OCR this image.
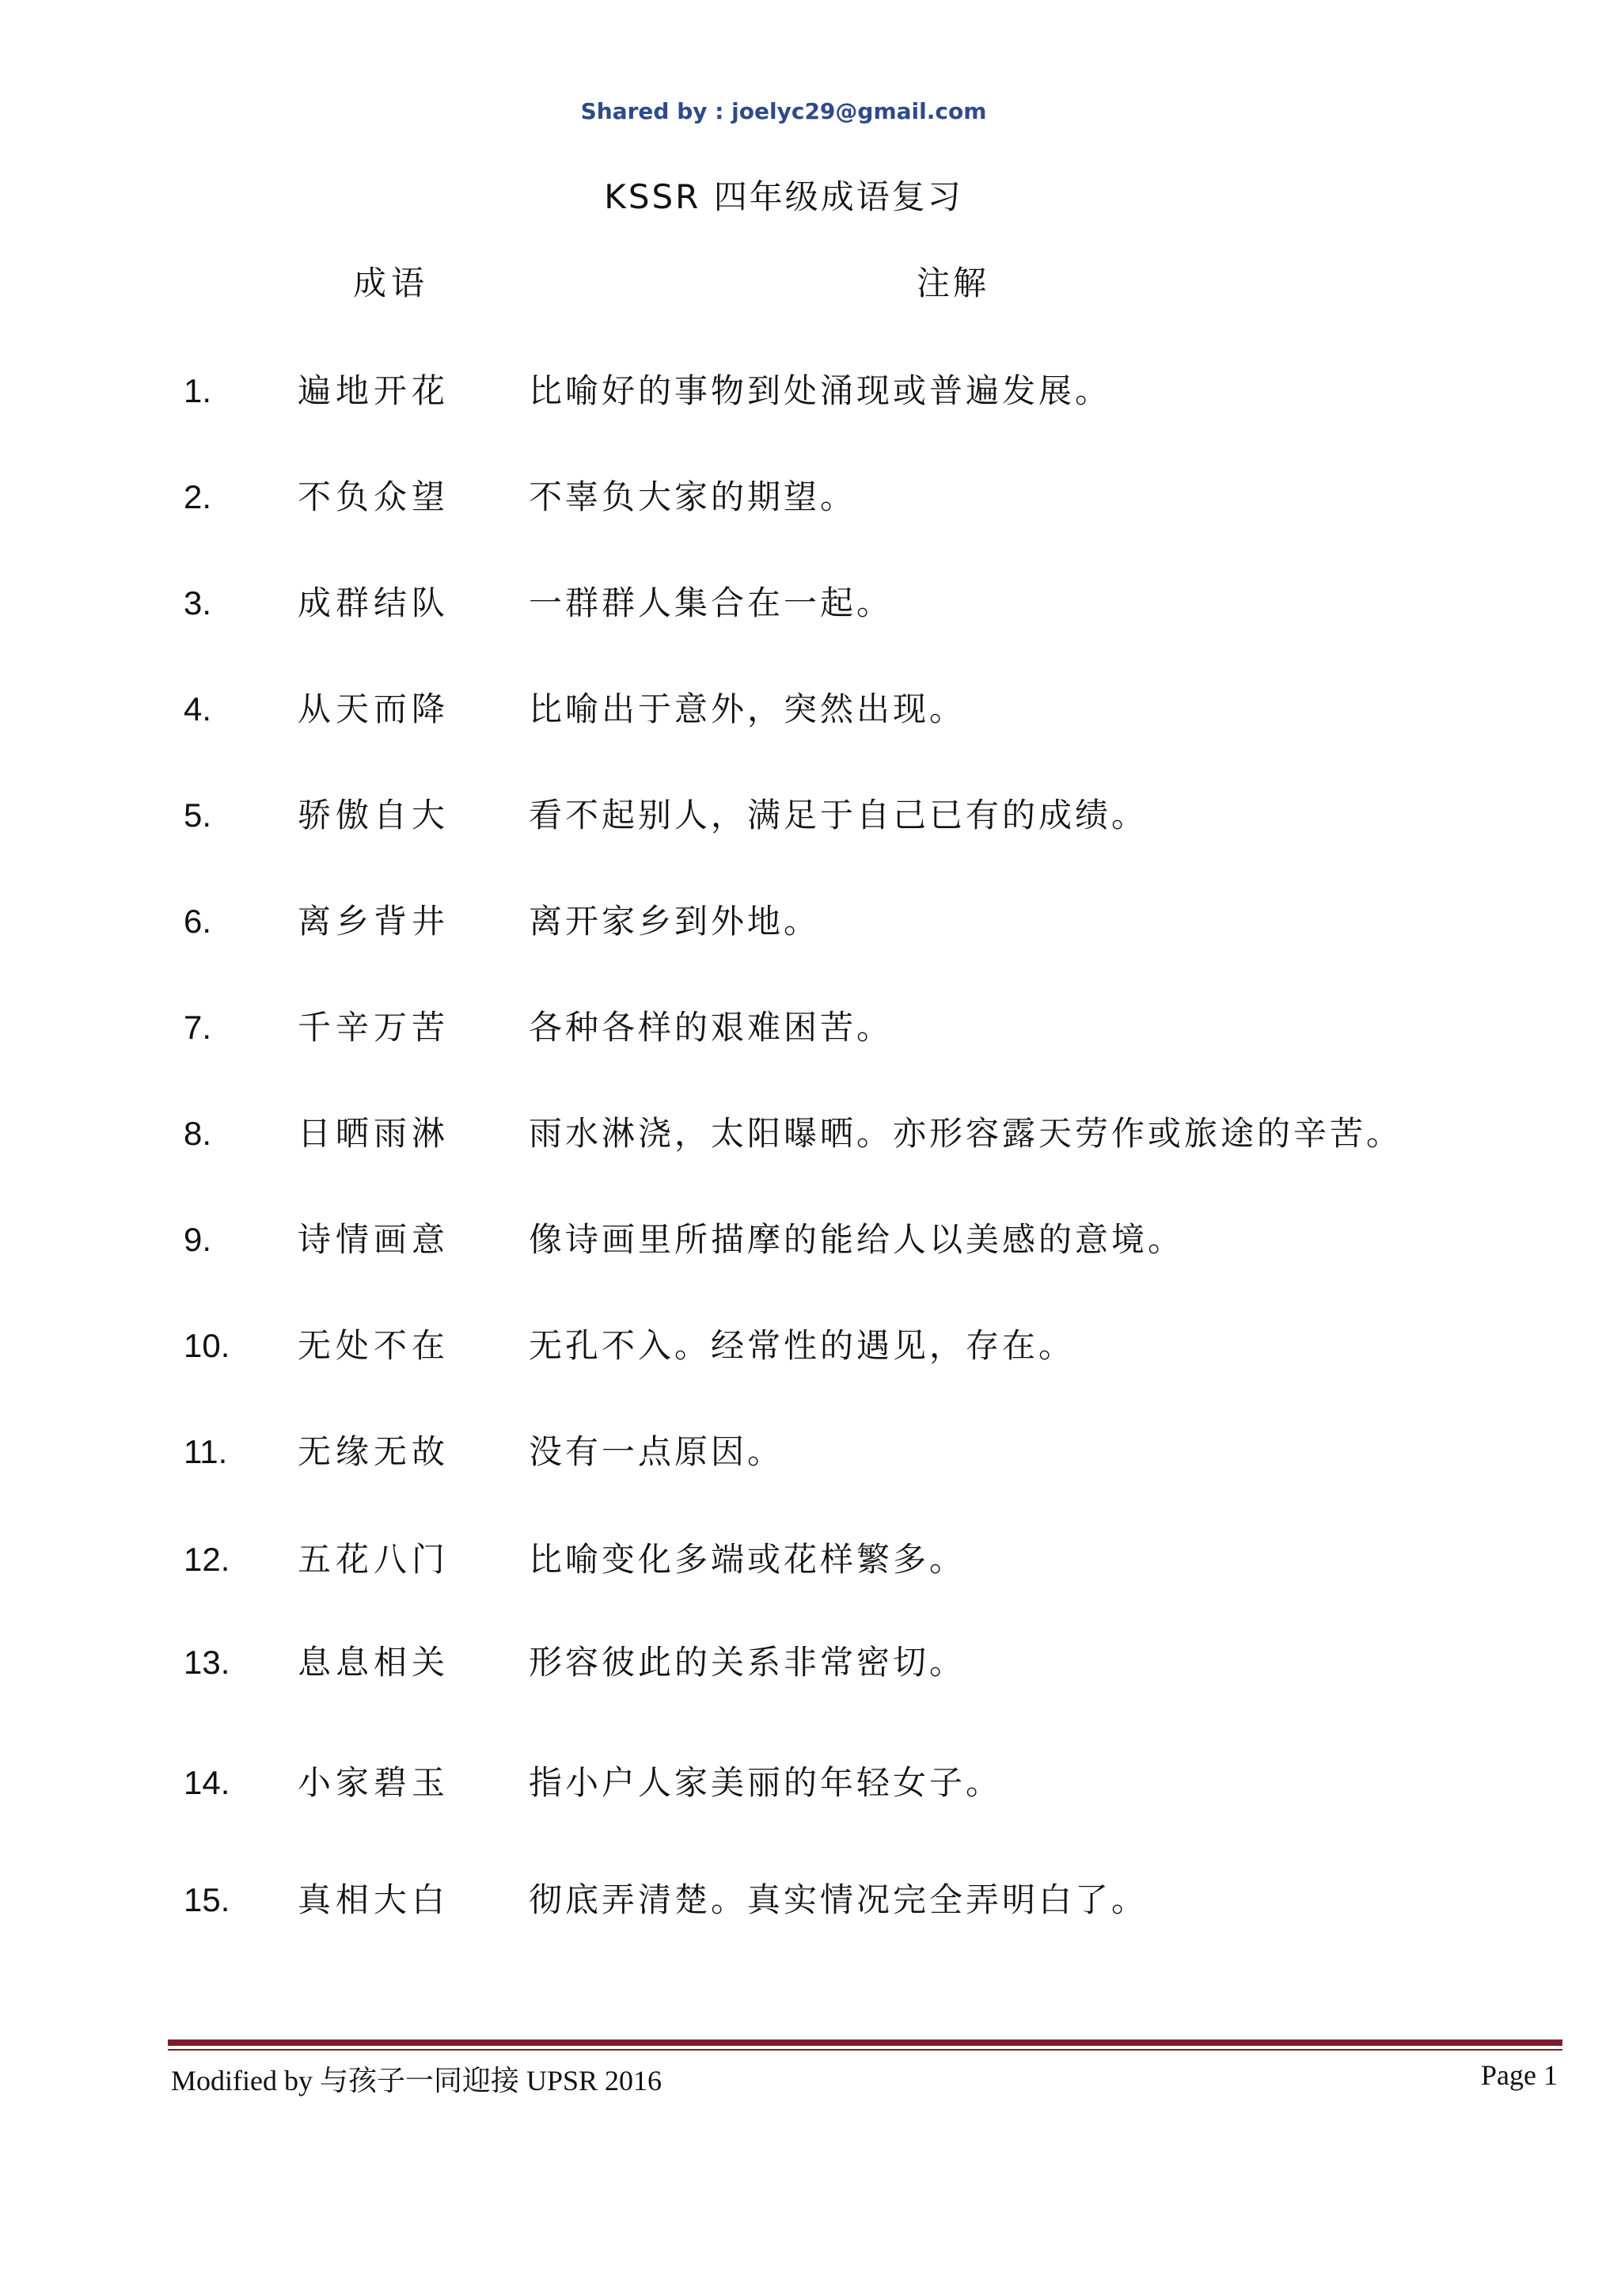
Shared by : joelyc29@gmail.com
KSSR 四年级成语复习
成语	注解
1.	遍地开花 比喻好的事物到处涌现或普遍发展。
2.	不负众望 不辜负大家的期望。
3.	成群结队 一群群人集合在一起。
4.	从天而降 比喻出于意外，突然出现。
5.	骄傲自大 看不起别人，满足于自己已有的成绩。
6.	离乡背井 离开家乡到外地。
7.	千辛万苦 各种各样的艰难困苦。
8.	日晒雨淋 雨水淋浇，太阳曝晒。亦形容露天劳作或旅途的辛苦。
9.	诗情画意 像诗画里所描摩的能给人以美感的意境。
10. 无处不在 无孔不入。经常性的遇见，存在。
11. 无缘无故 没有一点原因。
12. 五花八门 比喻变化多端或花样繁多。
13. 息息相关 形容彼此的关系非常密切。
14. 小家碧玉 指小户人家美丽的年轻女子。
15. 真相大白 彻底弄清楚。真实情况完全弄明白了。
Modified by 与孩子一同迎接 UPSR 2016	Page 1
